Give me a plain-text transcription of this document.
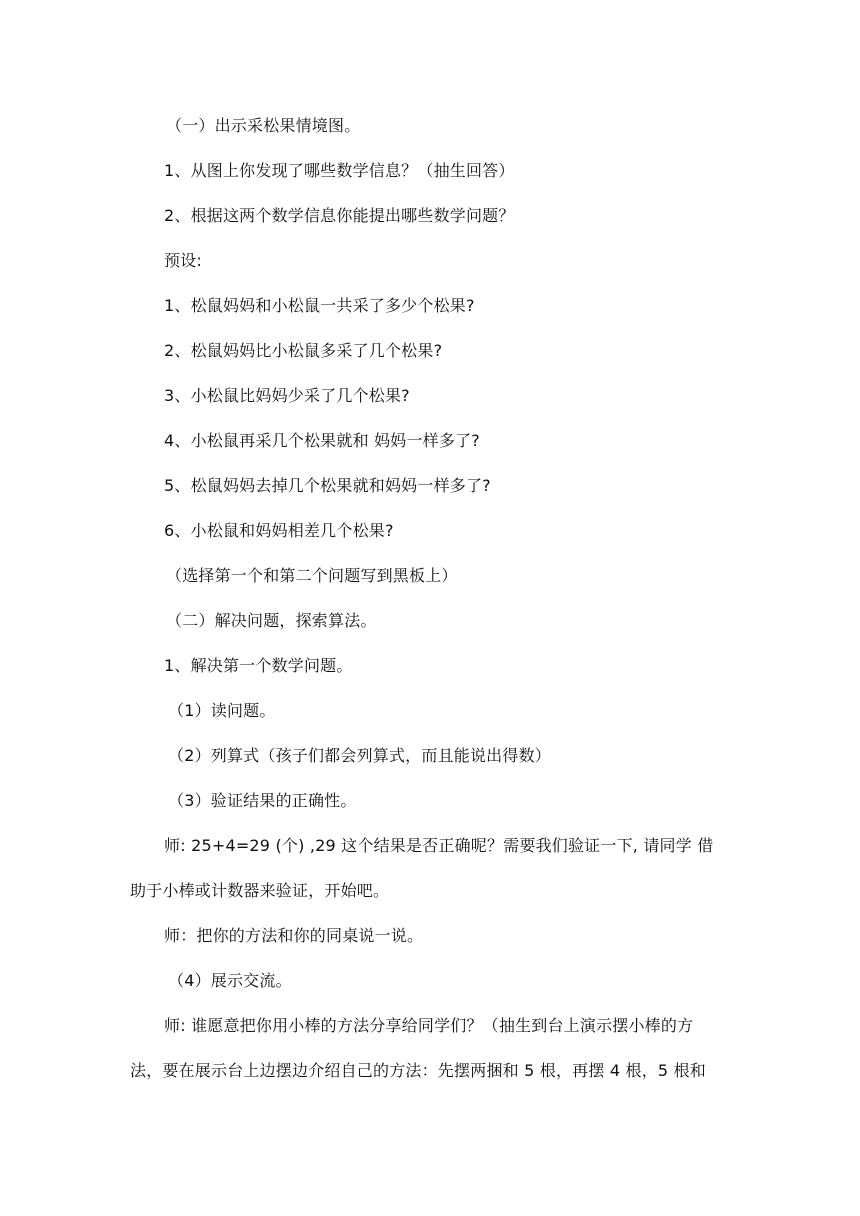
（一）出示采松果情境图。
1、从图上你发现了哪些数学信息？（抽生回答）
2、根据这两个数学信息你能提出哪些数学问题？
预设:
1、松鼠妈妈和小松鼠一共采了多少个松果?
2、松鼠妈妈比小松鼠多采了几个松果?
3、小松鼠比妈妈少采了几个松果?
4、小松鼠再采几个松果就和 妈妈一样多了?
5、松鼠妈妈去掉几个松果就和妈妈一样多了?
6、小松鼠和妈妈相差几个松果?
（选择第一个和第二个问题写到黑板上）
（二）解决问题，探索算法。
1、解决第一个数学问题。
（1）读问题。
（2）列算式（孩子们都会列算式，而且能说出得数）
（3）验证结果的正确性。
师: 25+4=29 (个) ,29 这个结果是否正确呢？需要我们验证一下, 请同学 借
助于小棒或计数器来验证，开始吧。
师：把你的方法和你的同桌说一说。
（4）展示交流。
师: 谁愿意把你用小棒的方法分享给同学们？（抽生到台上演示摆小棒的方
法，要在展示台上边摆边介绍自己的方法：先摆两捆和 5 根，再摆 4 根，5 根和
